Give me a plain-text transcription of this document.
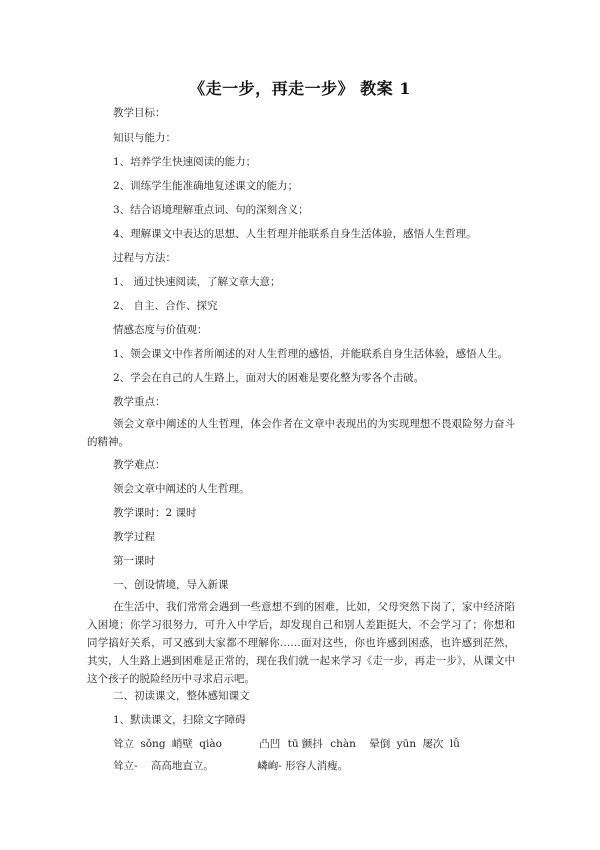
《走一步，再走一步》 教案 1
教学目标：
知识与能力：
1、培养学生快速阅读的能力；
2、训练学生能准确地复述课文的能力；
3、结合语境理解重点词、句的深刻含义；
4、理解课文中表达的思想、人生哲理并能联系自身生活体验，感悟人生哲理。
过程与方法：
1、 通过快速阅读，了解文章大意；
2、 自主、合作、探究
情感态度与价值观：
1、领会课文中作者所阐述的对人生哲理的感悟，并能联系自身生活体验，感悟人生。
2、学会在自己的人生路上，面对大的困难是要化整为零各个击破。
教学重点：
领会文章中阐述的人生哲理，体会作者在文章中表现出的为实现理想不畏艰险努力奋斗的精神。
教学难点：
领会文章中阐述的人生哲理。
教学课时：2 课时
教学过程
第一课时
一、创设情境，导入新课
在生活中，我们常常会遇到一些意想不到的困难，比如，父母突然下岗了，家中经济陷入困境；你学习很努力，可升入中学后，却发现自己和别人差距挺大，不会学习了；你想和同学搞好关系，可又感到大家都不理解你……面对这些，你也许感到困惑，也许感到茫然，其实，人生路上遇到困难是正常的，现在我们就一起来学习《走一步，再走一步》，从课文中这个孩子的脱险经历中寻求启示吧。
二、初读课文，整体感知课文
1、默读课文，扫除文字障碍
耸立 sǒng 峭壁 qiào	凸凹 tū 颤抖 chàn 晕倒 yūn 屡次 lǚ
耸立- 高高地直立。	嶙峋- 形容人消瘦。
